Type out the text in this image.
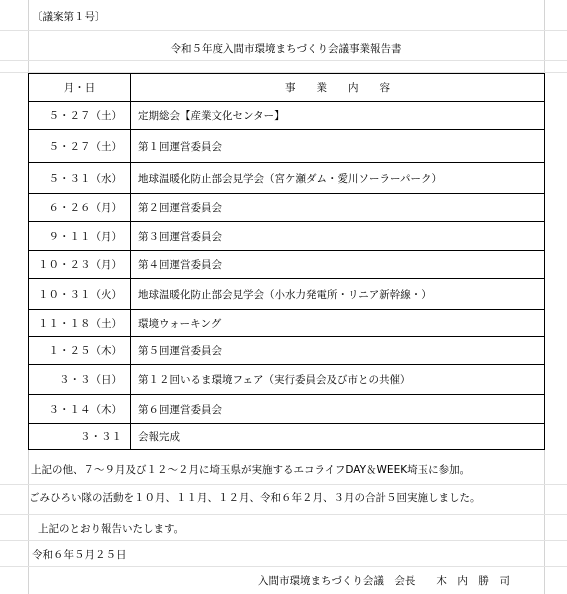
〔議案第１号〕
令和５年度入間市環境まちづくり会議事業報告書
月・日	事　　業　　内　　容
５・２７（土）	定期総会【産業文化センター】
５・２７（土）	第１回運営委員会
５・３１（水）	地球温暖化防止部会見学会（宮ケ瀬ダム・愛川ソーラーパーク）
６・２６（月）	第２回運営委員会
９・１１（月）	第３回運営委員会
１０・２３（月）	第４回運営委員会
１０・３１（火）	地球温暖化防止部会見学会（小水力発電所・リニア新幹線・）
１１・１８（土）	環境ウォーキング
１・２５（木）	第５回運営委員会
３・３（日）	第１２回いるま環境フェア（実行委員会及び市との共催）
３・１４（木）	第６回運営委員会
３・３１	会報完成
上記の他、７～９月及び１２～２月に埼玉県が実施するエコライフDAY＆WEEK埼玉に参加。
ごみひろい隊の活動を１０月、１１月、１２月、令和６年２月、３月の合計５回実施しました。
上記のとおり報告いたします。
令和６年５月２５日
入間市環境まちづくり会議　会長　　木　内　勝　司
